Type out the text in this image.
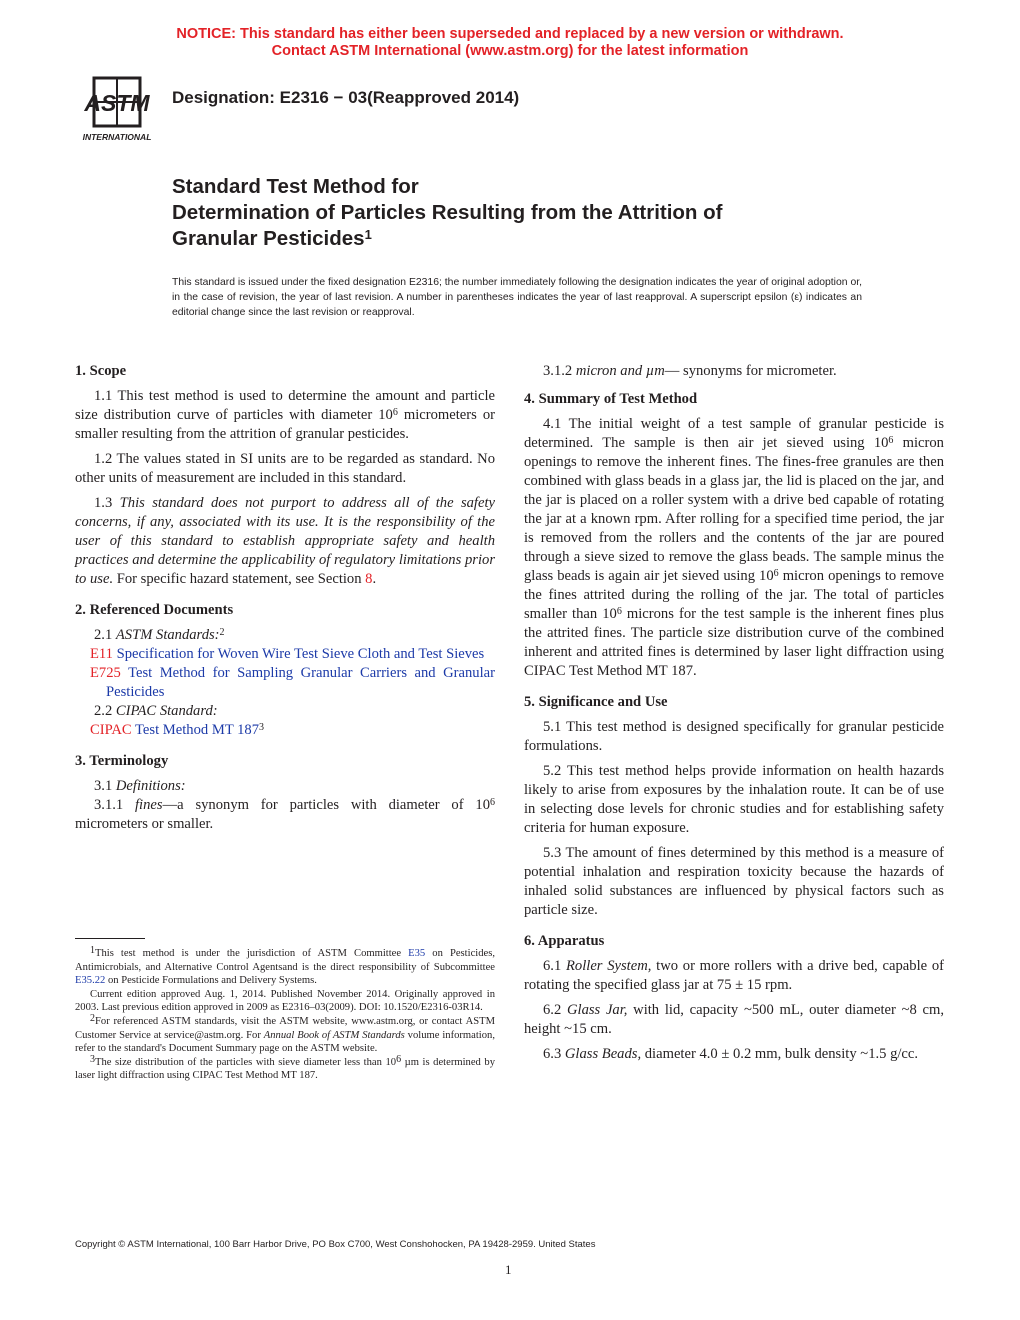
NOTICE: This standard has either been superseded and replaced by a new version or withdrawn.
Contact ASTM International (www.astm.org) for the latest information
ASTM
INTERNATIONAL
Designation: E2316 − 03(Reapproved 2014)
Standard Test Method for
Determination of Particles Resulting from the Attrition of
Granular Pesticides$^1$
This standard is issued under the fixed designation E2316; the number immediately following the designation indicates the year of original adoption or, in the case of revision, the year of last revision. A number in parentheses indicates the year of last reapproval. A superscript epsilon (ε) indicates an editorial change since the last revision or reapproval.

1. Scope

1.1 This test method is used to determine the amount and particle size distribution curve of particles with diameter $10^6$ micrometers or smaller resulting from the attrition of granular pesticides.

1.2 The values stated in SI units are to be regarded as standard. No other units of measurement are included in this standard.

1.3 This standard does not purport to address all of the safety concerns, if any, associated with its use. It is the responsibility of the user of this standard to establish appropriate safety and health practices and determine the applicability of regulatory limitations prior to use. For specific hazard statement, see Section 8.

2. Referenced Documents

2.1 ASTM Standards:$^2$

E11 Specification for Woven Wire Test Sieve Cloth and Test Sieves

E725 Test Method for Sampling Granular Carriers and Granular Pesticides

2.2 CIPAC Standard:

CIPAC Test Method MT $187^3$

3. Terminology

3.1 Definitions:

3.1.1 fines—a synonym for particles with diameter of $10^6$ micrometers or smaller.

$^1$This test method is under the jurisdiction of ASTM Committee E35 on Pesticides, Antimicrobials, and Alternative Control Agentsand is the direct responsibility of Subcommittee E35.22 on Pesticide Formulations and Delivery Systems.

Current edition approved Aug. 1, 2014. Published November 2014. Originally approved in 2003. Last previous edition approved in 2009 as E2316–03(2009). DOI: 10.1520/E2316-03R14.

$^2$For referenced ASTM standards, visit the ASTM website, www.astm.org, or contact ASTM Customer Service at service@astm.org. For Annual Book of ASTM Standards volume information, refer to the standard's Document Summary page on the ASTM website.

$^3$The size distribution of the particles with sieve diameter less than $10^6$ µm is determined by laser light diffraction using CIPAC Test Method MT 187.

3.1.2 micron and µm— synonyms for micrometer.

4. Summary of Test Method

4.1 The initial weight of a test sample of granular pesticide is determined. The sample is then air jet sieved using $10^6$ micron openings to remove the inherent fines. The fines-free granules are then combined with glass beads in a glass jar, the lid is placed on the jar, and the jar is placed on a roller system with a drive bed capable of rotating the jar at a known rpm. After rolling for a specified time period, the jar is removed from the rollers and the contents of the jar are poured through a sieve sized to remove the glass beads. The sample minus the glass beads is again air jet sieved using $10^6$ micron openings to remove the fines attrited during the rolling of the jar. The total of particles smaller than $10^6$ microns for the test sample is the inherent fines plus the attrited fines. The particle size distribution curve of the combined inherent and attrited fines is determined by laser light diffraction using CIPAC Test Method MT 187.

5. Significance and Use

5.1 This test method is designed specifically for granular pesticide formulations.

5.2 This test method helps provide information on health hazards likely to arise from exposures by the inhalation route. It can be of use in selecting dose levels for chronic studies and for establishing safety criteria for human exposure.

5.3 The amount of fines determined by this method is a measure of potential inhalation and respiration toxicity because the hazards of inhaled solid substances are influenced by physical factors such as particle size.

6. Apparatus

6.1 Roller System, two or more rollers with a drive bed, capable of rotating the specified glass jar at 75 ± 15 rpm.

6.2 Glass Jar, with lid, capacity ~500 mL, outer diameter ~8 cm, height ~15 cm.

6.3 Glass Beads, diameter 4.0 ± 0.2 mm, bulk density ~1.5 g/cc.

Copyright © ASTM International, 100 Barr Harbor Drive, PO Box C700, West Conshohocken, PA 19428-2959. United States
1
